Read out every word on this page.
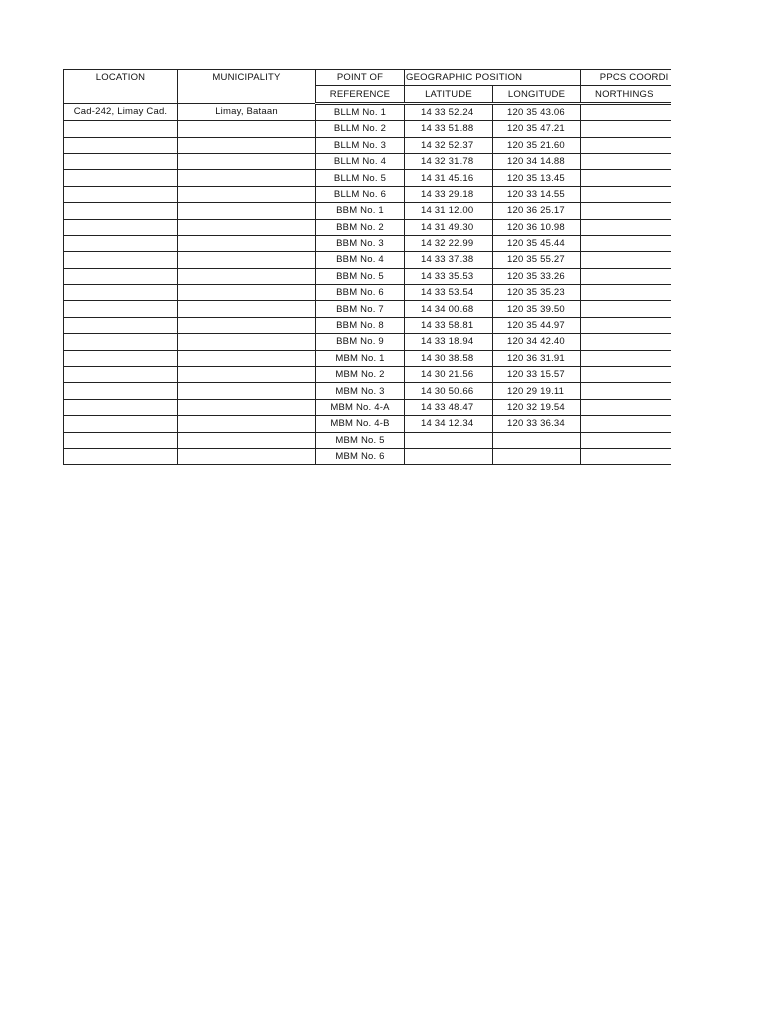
LOCATION	MUNICIPALITY	POINT OF	GEOGRAPHIC POSITION		PPCS COORDI
		REFERENCE	LATITUDE	LONGITUDE	NORTHINGS
Cad-242, Limay Cad.	Limay, Bataan	BLLM No. 1	14 33 52.24	120 35 43.06	
		BLLM No. 2	14 33 51.88	120 35 47.21	
		BLLM No. 3	14 32 52.37	120 35 21.60	
		BLLM No. 4	14 32 31.78	120 34 14.88	
		BLLM No. 5	14 31 45.16	120 35 13.45	
		BLLM No. 6	14 33 29.18	120 33 14.55	
		BBM No. 1	14 31 12.00	120 36 25.17	
		BBM No. 2	14 31 49.30	120 36 10.98	
		BBM No. 3	14 32 22.99	120 35 45.44	
		BBM No. 4	14 33 37.38	120 35 55.27	
		BBM No. 5	14 33 35.53	120 35 33.26	
		BBM No. 6	14 33 53.54	120 35 35.23	
		BBM No. 7	14 34 00.68	120 35 39.50	
		BBM No. 8	14 33 58.81	120 35 44.97	
		BBM No. 9	14 33 18.94	120 34 42.40	
		MBM No. 1	14 30 38.58	120 36 31.91	
		MBM No. 2	14 30 21.56	120 33 15.57	
		MBM No. 3	14 30 50.66	120 29 19.11	
		MBM No. 4-A	14 33 48.47	120 32 19.54	
		MBM No. 4-B	14 34 12.34	120 33 36.34	
		MBM No. 5			
		MBM No. 6			
